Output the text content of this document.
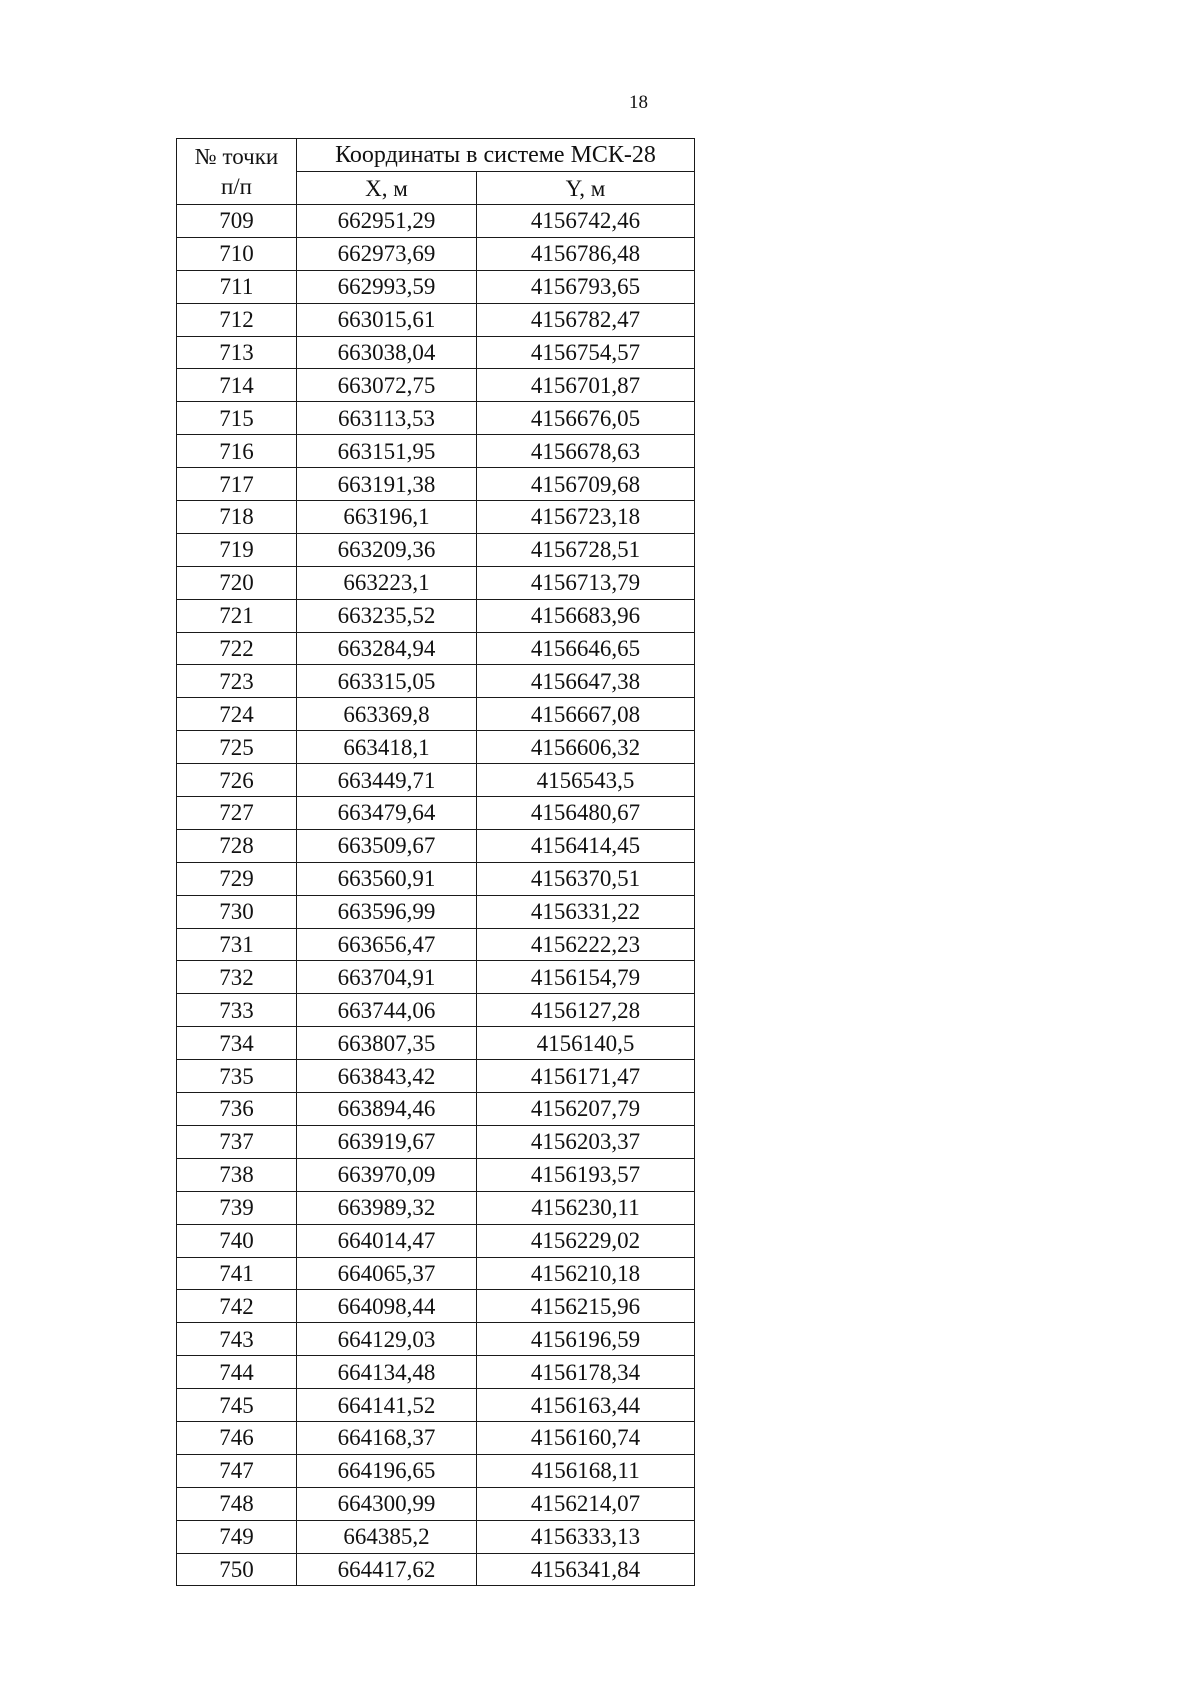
18
№ точки
п/п	Координаты в системе МСК-28	
	X, м	Y, м
709	662951,29	4156742,46
710	662973,69	4156786,48
711	662993,59	4156793,65
712	663015,61	4156782,47
713	663038,04	4156754,57
714	663072,75	4156701,87
715	663113,53	4156676,05
716	663151,95	4156678,63
717	663191,38	4156709,68
718	663196,1	4156723,18
719	663209,36	4156728,51
720	663223,1	4156713,79
721	663235,52	4156683,96
722	663284,94	4156646,65
723	663315,05	4156647,38
724	663369,8	4156667,08
725	663418,1	4156606,32
726	663449,71	4156543,5
727	663479,64	4156480,67
728	663509,67	4156414,45
729	663560,91	4156370,51
730	663596,99	4156331,22
731	663656,47	4156222,23
732	663704,91	4156154,79
733	663744,06	4156127,28
734	663807,35	4156140,5
735	663843,42	4156171,47
736	663894,46	4156207,79
737	663919,67	4156203,37
738	663970,09	4156193,57
739	663989,32	4156230,11
740	664014,47	4156229,02
741	664065,37	4156210,18
742	664098,44	4156215,96
743	664129,03	4156196,59
744	664134,48	4156178,34
745	664141,52	4156163,44
746	664168,37	4156160,74
747	664196,65	4156168,11
748	664300,99	4156214,07
749	664385,2	4156333,13
750	664417,62	4156341,84
